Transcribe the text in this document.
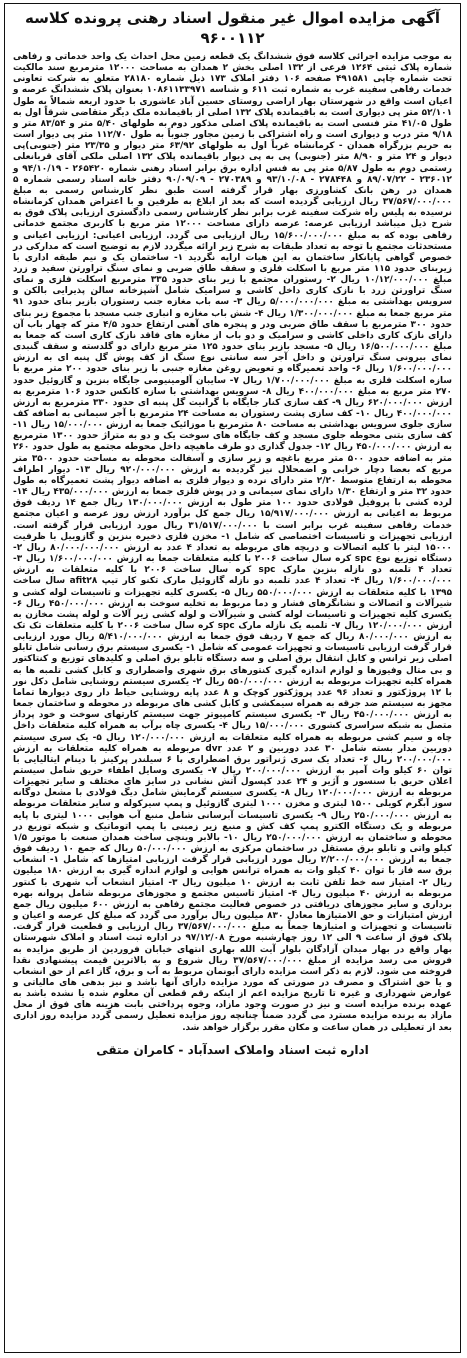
آگهی مزایده اموال غیر منقول اسناد رهنی پرونده کلاسه ۹۶۰۰۱۱۲

به موجب مزایده اجرائی کلاسه فوق ششدانگ یک قطعه زمین محل احداث یک واحد خدماتی و رفاهی شماره پلاک ثبتی ۱۲۶۴ فرعی از ۱۳۲ اصلی بخش ۲ همدان به مساحت ۱۲۰۰۰ مترمربع سند مالکیت تحت شماره چاپی ۴۹۱۵۸۱ صفحه ۱۰۶ دفتر املاک ۱۷۳ ذیل شماره ۲۸۱۸۰ متعلق به شرکت تعاونی خدمات رفاهی سفینه غرب به شماره ثبت ۶۱۱ و شناسه ۱۰۸۶۱۱۳۳۹۷۱ بعنوان پلاک ششدانگ عرصه و اعیان است واقع در شهرستان بهار اراضی روستای حسین آباد عاشوری با حدود اربعه شمالاً به طول ۵۲/۱۰۱ متر پی دیواری است به باقیمانده پلاک ۱۳۲ اصلی از باقیمانده ملک دیگر متقاضی شرقاً اول به طول ۴۱/۰۵ متر فنسی است به باقیمانده پلاک اصلی مذکور دوم به طولهای ۵/۴۰ متر و ۸۳/۵۴ متر و ۹/۱۸ متر درب و دیواری است و راه اشتراکی با زمین مجاور جنوباً به طول ۱۱۲/۷۰ متر پی دیوار است به حریم بزرگراه همدان - کرمانشاه غرباً اول به طولهای ۶۳/۹۲ متر دیوار و ۲۳/۳۵ متر (جنوبی)پی دیوار و ۲۴ متر و ۸/۹۰ متر (جنوبی) پی به پی دیوار باقیمانده پلاک ۱۳۲ اصلی ملکی آقای قربانعلی رستمی دوم به طول ۵/۸۷ متر پی به فنس اداره برق برابر اسناد رهنی شماره ۲۶۵۴۲۰ - ۹۴/۱۰/۱۹ و ۲۳۶۰۱۲ - ۸۹/۰۷/۲۲ و ۲۷۸۴۴۸ - ۹۳/۱۰/۰۸ و ۲۷۰۳۸۹ - ۹۰/۰۹/۰۹ دفتر خانه اسناد رسمی شماره ۵ همدان در رهن بانک کشاورزی بهار قرار گرفته است طبق نظر کارشناس رسمی به مبلغ ۳۷/۵۶۷/۰۰۰/۰۰۰ ریال ارزیابی گردیده است که بعد از ابلاغ به طرفین و با اعتراض همدان کرمانشاه نرسیده به پلیس راه شرکت سفینه غرب برابر نظر کارشناس رسمی دادگستری ارزیابی پلاک فوق به شرح ذیل میباشد ارزیابی عرصه: عرصه دارای مساحت ۱۲۰۰۰ متر مربع با کاربری مجتمع خدماتی رفاهی بوده که به مبلغ ۱۵/۶۰۰/۰۰۰/۰۰۰ ریال ارزیابی می گردد. ارزیابی اعیانی: ارزیابی اعیانی و مستحدثات مجتمع با توجه به تعداد طبقات به شرح زیر ارائه میگردد لازم به توضیح است که مدارکی در خصوص گواهی پایانکار ساختمان به این هیات ارایه نگردید ۱- ساختمان یک و نیم طبقه اداری با زیربنای حدود ۱۱۵ متر مربع با اسکلت فلزی و سقف طاق ضربی و نمای سنگ تراورتن سفید و زرد مبلغ ۱۰/۱۲/۰۰۰/۰۰۰ ریال ۲- رستوران مجتمع با زیر بنای حدود ۳۳۵ مترمربع اسکلت فلزی و نمای سنگ تراورتن زرد با نازک کاری داخل کاشی و سرامیک شامل آشپزخانه سالن پذیرایی بالکن و سرویس بهداشتی به مبلغ ۵/۰۰۰/۰۰۰/۰۰۰ ریال ۳- سه باب مغازه جنب رستوران بازیر بنای حدود ۹۱ متر مربع جمعا به مبلغ ۱/۳۰۰/۰۰۰/۰۰۰ ریال ۴- شش باب مغازه و انباری جنب مسجد با مجموع زیر بنای حدود ۳۰۰ مترمربع با سقف طاق ضربی ودر و پنجره های آهنی ارتفاع حدود ۴/۵ متر که چهار باب آن دارای نازک کاری داخلی کاشی و سرامیک و دو باب از مغازه های فاقد نازک کاری است که جمعا به مبلغ ۱۶/۵۰۰/۰۰۰/۰۰۰ ریال ۵- مسجد بازیر بنای حدود ۱۲۵ متر مربع دارای دو گلدسته و سقف گنبدی نمای بیرونی سنگ تراورتن و داخل آجر سه سانتی نوع سنگ از کف پوش گل پنبه ای به ارزش ۱/۶۰۰/۰۰۰/۰۰۰ ریال ۶- واحد تعمیرگاه و تعویض روغن مغازه جنبی با زیر بنای حدود ۲۰۰ متر مربع با سازه اسکلت فلزی به مبلغ ۱/۷۰۰/۰۰۰/۰۰۰ ریال ۷- سایبان آلومینیومی جایگاه بنزین و گازوئیل حدود ۲۷۰ متر مربع به مبلغ ۴۰۰/۰۰۰/۰۰۰ ریال ۸- سرویس بهداشتی با سازه کانکس حدود ۱۰۶ مترمربع به ارزش ۶۲۰/۰۰۰/۰۰۰ ریال ۹- کف سازی کنار جایگاه با گرانیت گل پنبه ای حدود ۳۳۰ مترمربع به ارزش ۴۰۰/۰۰۰/۰۰۰ ریال ۱۰- کف سازی پشت رستوران به مساحت ۲۴ مترمربع با آجر سیمانی به اضافه کف سازی جلوی سرویس بهداشتی به مساحت ۸۰ مترمربع با موزائیک جمعا به ارزش ۱۵/۰۰۰/۰۰۰ ریال ۱۱- کف سازی بتنی محوطه جلوی مسجد و کف جایگاه های سوخت یک و دو به متراژ حدود ۱۳۰۰ مترمربع به ارزش ۴۵۰/۰۰۰/۰۰۰ ریال ۱۲- جدول گذاری دو طرف ماهیچه داخل محوطه مجتمع به طول حدود ۲۶۰ متر به اضافه حدود ۵۰۰ متر مربع باغچه و زیر سازی و آسفالت محوطه به مساحت حدود ۳۵۰۰ متر مربع که بعضا دچار خرابی و اضمحلال نیز گردیده به ارزش ۹۲۰/۰۰۰/۰۰۰ ریال ۱۳- دیوار اطراف محوطه به ارتفاع متوسط ۲/۲۰ متر دارای نرده و دیوار فلزی به اضافه دیوار پشت تعمیرگاه به طول حدود ۳۲ متر و ارتفاع ۱/۳۰ دارای نمای سیمانی و در پوش فلزی جمعا به ارزش ۴۳۵/۰۰۰/۰۰۰ ریال ۱۴- لرده کشی با پروفیل فولادی حدود ۱۰۰ متر طول به ارزش ۱۳۰/۰۰۰/۰۰۰ ریال جمع ۱۴ ردیف فوق مربوط به اعیانی به ارزش ۱۵/۹۱۷/۰۰۰/۰۰۰ ریال جمع کل برآورد ارزش روز عرصه و اعیان مجتمع خدمات رفاهی سفینه غرب برابر است با ۳۱/۵۱۷/۰۰۰/۰۰۰ ریال مورد ارزیابی قرار گرفته است. ارزیابی تجهیزات و تاسیسات اختصاصی که شامل ۱- مخزن فلزی ذخیره بنزین و گازوییل با ظرفیت ۱۵۰۰۰ لیتر با کلیه اتصالات و دریچه های مربوطه به تعداد ۴ عدد به ارزش ۸۰/۰۰۰/۰۰۰/۰۰۰ ریال ۲- دستگاه توزیع نوع spc کره سال ساخت ۲۰۰۶ با کلیه متعلقات جمعا به ارزش ۱/۶۰۰/۰۰۰/۰۰۰ ریال ۳- تعداد ۴ تلمبه دو نازله بنزین مارک spc کره سال ساخت ۲۰۰۶ با کلیه متعلقات به ارزش ۱/۶۰۰/۰۰۰/۰۰۰ ریال ۴- تعداد ۴ عدد تلمبه دو نازله گازوئیل مارک تکنو کار تیپ afit۲۸ سال ساخت ۱۳۹۵ با کلیه متعلقات به ارزش ۵۵۰/۰۰۰/۰۰۰ ریال ۵- یکسری کلیه تجهیزات و تاسیسات لوله کشی و شیرآلات و اتصالات و نشانگرهای فشار و دما مربوط به تخلیه سوخت به ارزش ۴۵۰/۰۰۰/۰۰۰ ریال ۶- یکسری کلیه تجهیزات و تاسیسات لوله کشی و شیرآلات و لوله کشی زیر آلات و لوله پشت مخازن به ارزش ۱۲۰/۰۰۰/۰۰۰ ریال ۷- تلمبه یک نازله مارک spc کره سال ساخت ۲۰۰۶ با کلیه متعلقات تک تک به ارزش ۸۰/۰۰۰/۰۰۰ ریال که جمع ۷ ردیف فوق جمعا به ارزش ۵/۴۱۰/۰۰۰/۰۰۰ ریال مورد ارزیابی قرار گرفت ارزیابی تاسیسات و تجهیزات عمومی که شامل ۱- یکسری سیستم برق رسانی شامل تابلو اصلی زیر ترانس و کابل انتقال برق اصلی و سه دستگاه تابلو برق اصلی و کلیدهای توزیع و کنتاکتور و بی متال وفیوزها و لوازم اندازه گیری کنتورهای برق شهری واضطراری و کابل کشی تلمبه ها به همراه کلیه تجهیزات مربوطه به ارزش ۵۵۰/۰۰۰/۰۰۰ ریال ۲- یکسری سیستم روشنایی شامل دکل نور با ۱۲ پروژکتور و تعداد ۹۶ عدد پروژکتور کوچک و ۸ عدد پایه روشنایی حیاط دار روی دیوارها تماما مجهز به سیستم ضد جرقه به همراه سیمکشی و کابل کشی های مربوطه در محوطه و ساختمان جمعا به ارزش ۴۵۰/۰۰۰/۰۰۰ ریال ۳- یکسری سیستم کامپیوتر جهت سیستم کارتهای سوخت و خود پرداز متصل به شبکه سراسری کشوری ۱۵/۰۰۰/۰۰۰ ریال ۴- یکسری چاه برآب به همراه کلیه متعلقات داخل چاه و سیم کشی مربوطه به همراه کلیه متعلقات به ارزش ۱۲۰/۰۰۰/۰۰۰ ریال ۵- یک سری سیستم دوربین مدار بسته شامل ۳۰ عدد دوربین و ۲ عدد dvr مربوطه به همراه کلیه متعلقات به ارزش ۲۰۰/۰۰۰/۰۰۰ ریال ۶- تعداد یک سری ژنراتور برق اضطراری با ۶ سیلندر پرکینز با دینام ایتالیایی با توان ۶۰ کیلو وات آمپر به ارزش ۲۰۰/۰۰۰/۰۰۰ ریال ۷- یکسری وسایل اطفاء حریق شامل سیستم اعلان حریق با سنسور و آژیر و ۲۴ عدد کپسول آتش نشانی در سایز های مختلف و سایر تجهیزات مربوطه به ارزش ۱۲۰/۰۰۰/۰۰۰ ریال ۸- یکسری سیستم گرمایش شامل دیگ فولادی با مشعل دوگانه سوز آبگرم کویلی ۱۵۰۰ لیتری و مخزن ۱۰۰۰ لیتری گازوئیل و پمپ سیرکوله و سایر متعلقات مربوطه به ارزش ۲۵۰/۰۰۰/۰۰۰ ریال ۹- یکسری تاسیسات آبرسانی شامل منبع آب هوایی ۱۰۰۰ لیتری با پایه مربوطه و یک دستگاه الکترو پمپ کف کش و منبع زیر زمینی با پمپ اتوماتیک و شبکه توزیع در محوطه و ساختمان به ارزش ۲۵۰/۰۰۰/۰۰۰ ریال ۱۰- بالابر وینچی ساخت همدان صنعت با موتور ۱/۵ کیلو واتی و تابلو برق مستقل در ساختمان مرکزی به ارزش ۵۰/۰۰۰/۰۰۰ ریال که جمع ۱۰ ردیف فوق جمعا به ارزش ۲/۲۰۰/۰۰۰/۰۰۰ ریال مورد ارزیابی قرار گرفت ارزیابی امتیازها که شامل ۱- انشعاب برق سه فاز با توان ۴۰ کیلو وات به همراه ترانس هوایی و لوازم اندازه گیری به ارزش ۱۸۰ میلیون ریال ۲- امتیاز سه خط تلفن ثابت به ارزش ۱۰ میلیون ریال ۳- امتیاز انشعاب آب شهری با کنتور مربوطه به ارزش ۴۰ میلیون ریال ۴- امتیاز تاسیس مجتمع و مجوزهای مربوطه شامل پروانه بهره برداری و سایر مجوزهای دریافتی در خصوص فعالیت مجتمع رفاهی به ارزش ۶۰۰ میلیون ریال جمع ارزش امتیازات و حق الامتیازها معادل ۸۳۰ میلیون ریال برآورد می گردد که مبلغ کل عرصه و اعیان و تاسیسات و تجهیزات و امتیازها جمعاً به مبلغ ۳۷/۵۶۷/۰۰۰/۰۰۰ ریال ارزیابی و قطعیت قرار گرفت. پلاک فوق از ساعت ۹ الی ۱۲ روز چهارشنبه مورخ ۹۷/۱۲/۰۸ در اداره ثبت اسناد و املاک شهرستان بهار واقع در بهار میدان آزادگان بلوار آیت الله بهاری انتهای خیابان فروردین از طریق مزایده به فروش می رسد مزایده از مبلغ ۳۷/۵۶۷/۰۰۰/۰۰۰ ریال شروع و به بالاترین قیمت پیشنهادی نقدا فروخته می شود. لازم به ذکر است مزایده دارای آبونمان مربوط به آب و برق، گاز اعم از حق انشعاب و یا حق اشتراک و مصرف در صورتی که مورد مزایده دارای آنها باشد و نیز بدهی های مالیاتی و عوارض شهرداری و غیره تا تاریخ مزایده اعم از اینکه رقم قطعی آن معلوم شده یا نشده باشد به عهده برنده مزایده است و نیز در صورت وجود مازاد، وجوه پرداختی بابت هزینه های فوق از محل مازاد به برنده مزایده مسترد می گردد ضمناً چنانچه روز مزایده تعطیل رسمی گردد مزایده روز اداری بعد از تعطیلی در همان ساعت و مکان مقرر برگزار خواهد شد.

اداره ثبت اسناد واملاک اسدآباد - کامران متقی
